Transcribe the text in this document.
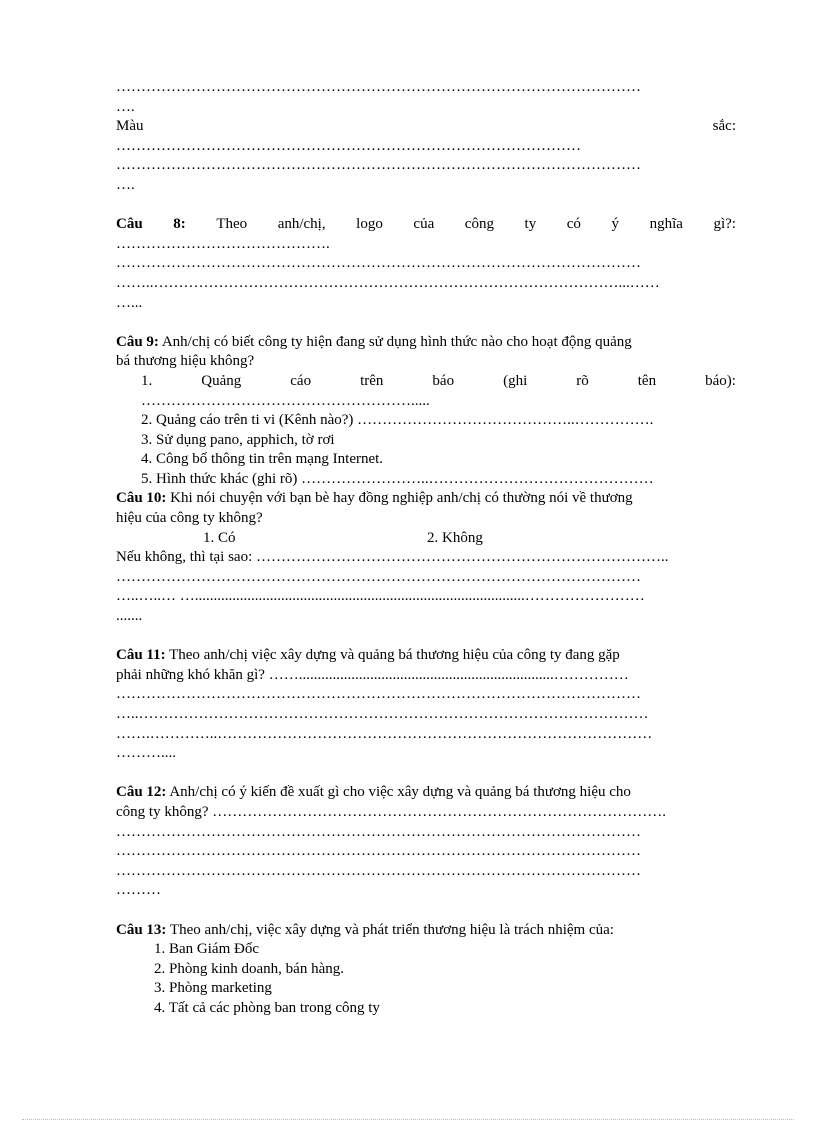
……………………………………………………………………………………………
….
Màu	sắc:
…………………………………………………………………………………
……………………………………………………………………………………………
….
Câu 8: Theo anh/chị, logo của công ty có ý nghĩa gì?:
…………………………………….
……………………………………………………………………………………………
……..…………………………………………………………………………………...……
…...
Câu 9: Anh/chị có biết công ty hiện đang sử dụng hình thức nào cho hoạt động quảng
bá thương hiệu không?
1.	Quảng	cáo	trên	báo	(ghi	rõ	tên	báo):
……………………………………………….....
2. Quảng cáo trên ti vi (Kênh nào?) ……………………………………..…………….
3. Sử dụng pano, apphich, tờ rơi
4. Công bố thông tin trên mạng Internet.
5. Hình thức khác (ghi rõ) ……………………..………………………………………
Câu 10: Khi nói chuyện với bạn bè hay đồng nghiệp anh/chị có thường nói về thương
hiệu của công ty không?
1. Có	2. Không
Nếu không, thì tại sao: ………………………………………………………………………..
……………………………………………………………………………………………
…..…..… …........................................................................................……………………
.......
Câu 11: Theo anh/chị việc xây dựng và quảng bá thương hiệu của công ty đang gặp
phải những khó khăn gì? ……....................................................................……………
……………………………………………………………………………………………
…..…………………………………………………………………………………………
…….…………..……………………………………………………………………………
………....
Câu 12: Anh/chị có ý kiến đề xuất gì cho việc xây dựng và quảng bá thương hiệu cho
công ty không? ……………………………………………………………………………….
……………………………………………………………………………………………
……………………………………………………………………………………………
……………………………………………………………………………………………
………
Câu 13: Theo anh/chị, việc xây dựng và phát triển thương hiệu là trách nhiệm của:
1. Ban Giám Đốc
2. Phòng kinh doanh, bán hàng.
3. Phòng marketing
4. Tất cả các phòng ban trong công ty
